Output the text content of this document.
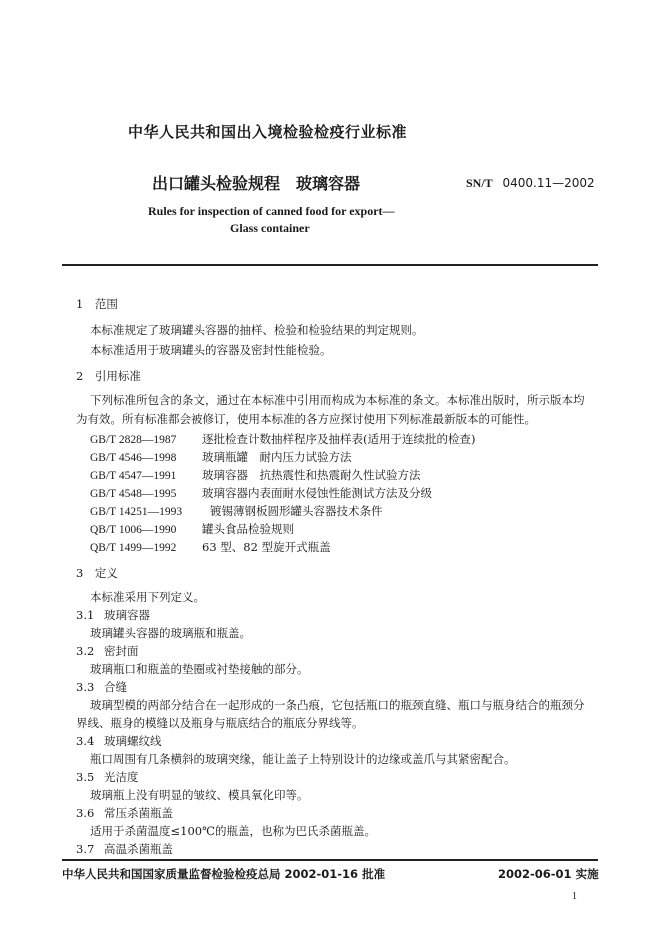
中华人民共和国出入境检验检疫行业标准
出口罐头检验规程　玻璃容器	SN/T 0400.11—2002
Rules for inspection of canned food for export—
Glass container
1　范围
本标准规定了玻璃罐头容器的抽样、检验和检验结果的判定规则。
本标准适用于玻璃罐头的容器及密封性能检验。
2　引用标准
下列标准所包含的条文，通过在本标准中引用而构成为本标准的条文。本标准出版时，所示版本均
为有效。所有标准都会被修订，使用本标准的各方应探讨使用下列标准最新版本的可能性。
GB/T 2828—1987 逐批检查计数抽样程序及抽样表(适用于连续批的检查)
GB/T 4546—1998 玻璃瓶罐　耐内压力试验方法
GB/T 4547—1991 玻璃容器　抗热震性和热震耐久性试验方法
GB/T 4548—1995 玻璃容器内表面耐水侵蚀性能测试方法及分级
GB/T 14251—1993 镀锡薄钢板圆形罐头容器技术条件
QB/T 1006—1990 罐头食品检验规则
QB/T 1499—1992 63 型、82 型旋开式瓶盖
3　定义
本标准采用下列定义。
3.1 玻璃容器
玻璃罐头容器的玻璃瓶和瓶盖。
3.2 密封面
玻璃瓶口和瓶盖的垫圈或衬垫接触的部分。
3.3 合缝
玻璃型模的两部分结合在一起形成的一条凸痕，它包括瓶口的瓶颈直缝、瓶口与瓶身结合的瓶颈分
界线、瓶身的模缝以及瓶身与瓶底结合的瓶底分界线等。
3.4 玻璃螺纹线
瓶口周围有几条横斜的玻璃突缘，能让盖子上特别设计的边缘或盖爪与其紧密配合。
3.5 光洁度
玻璃瓶上没有明显的皱纹、模具氧化印等。
3.6 常压杀菌瓶盖
适用于杀菌温度≤100℃的瓶盖，也称为巴氏杀菌瓶盖。
3.7 高温杀菌瓶盖
中华人民共和国国家质量监督检验检疫总局 2002-01-16 批准	2002-06-01 实施
1
